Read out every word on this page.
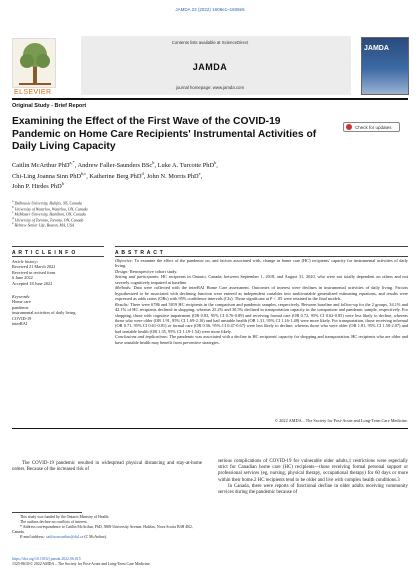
JAMDA 23 (2022) 1608e1–1608e5
ELSEVIER
Contents lists available at ScienceDirect
JAMDA
journal homepage: www.jamda.com
JAMDA
Original Study - Brief Report
Examining the Effect of the First Wave of the COVID-19 Pandemic on Home Care Recipients' Instrumental Activities of Daily Living Capacity
Check for updates
Caitlin McArthur PhD$^{a,*}$, Andrew Faller-Saunders BSc$^b$, Luke A. Turcotte PhD$^b$,
Chi-Ling Joanna Sinn PhD$^{b,c}$, Katherine Berg PhD$^d$, John N. Morris PhD$^e$,
John P. Hirdes PhD$^b$
$^a$ Dalhousie University, Halifax, NS, Canada
$^b$ University of Waterloo, Waterloo, ON, Canada
$^c$ McMaster University, Hamilton, ON, Canada
$^d$ University of Toronto, Toronto, ON, Canada
$^e$ Hebrew Senior Life, Boston, MA, USA
A R T I C L E I N F O	A B S T R A C T
Article history:
Received 21 March 2022
Received in revised form
6 June 2022
Accepted 18 June 2022
Keywords:
Home care
pandemic
instrumental activities of daily living
COVID-19
interRAI
Objective: To examine the effect of the pandemic on, and factors associated with, change in home care (HC) recipients' capacity for instrumental activities of daily living.
Design: Retrospective cohort study.
Setting and participants: HC recipients in Ontario, Canada, between September 1, 2018, and August 31, 2020, who were not totally dependent on others and not severely cognitively impaired at baseline.
Methods: Data were collected with the interRAI Home Care assessment. Outcomes of interest were declines in instrumental activities of daily living. Factors hypothesized to be associated with declining function were entered as independent variables into multivariable generalized estimating equations, and results were expressed as odds ratios (ORs) with 95% confidence intervals (CIs). Those significant at P < .05 were retained in the final models.
Results: There were 6786 and 5019 HC recipients in the comparison and pandemic samples, respectively. Between baseline and follow-up for the 2 groups, 34.1% and 42.1% of HC recipients declined in shopping, whereas 25.2% and 30.5% declined in transportation capacity in the comparison and pandemic sample, respectively. For shopping, those with cognitive impairment (OR 0.83, 95% CI 0.76-0.89) and receiving formal care (OR 0.72, 95% CI 0.62-0.85) were less likely to decline, whereas those who were older (OR 1.91, 95% CI 1.69-2.16) and had unstable health (OR 1.31, 95% CI 1.16-1.48) were more likely. For transportation, those receiving informal (OR 0.71, 95% CI 0.61-0.81) or formal care (OR 0.56, 95% CI 0.47-0.67) were less likely to decline, whereas those who were older (OR 1.81, 95% CI 1.58-2.07) and had unstable health (OR 1.35, 95% CI 1.19-1.54) were more likely.
Conclusions and implications: The pandemic was associated with a decline in HC recipients' capacity for shopping and transportation. HC recipients who are older and have unstable health may benefit from preventive strategies.
© 2022 AMDA – The Society for Post-Acute and Long-Term Care Medicine.
The COVID-19 pandemic resulted in widespread physical distancing and stay-at-home orders. Because of the increased risk of
serious complications of COVID-19 for vulnerable older adults,1 restrictions were especially strict for Canadian home care (HC) recipients—those receiving formal personal support or professional services (eg, nursing, physical therapy, occupational therapy) for 60 days or more within their home.2 HC recipients tend to be older and live with complex health conditions.3
In Canada, there were reports of functional decline in older adults receiving community services during the pandemic because of
This study was funded by the Ontario Ministry of Health.
The authors declare no conflicts of interest.
* Address correspondence to Caitlin McArthur, PhD, 5869 University Avenue, Halifax, Nova Scotia B3H 4R2, Canada.
E-mail address: caitlin.mcarthur@dal.ca (C McArthur).
https://doi.org/10.1016/j.jamda.2022.06.015
1525-8610/© 2022 AMDA – The Society for Post-Acute and Long-Term Care Medicine.
